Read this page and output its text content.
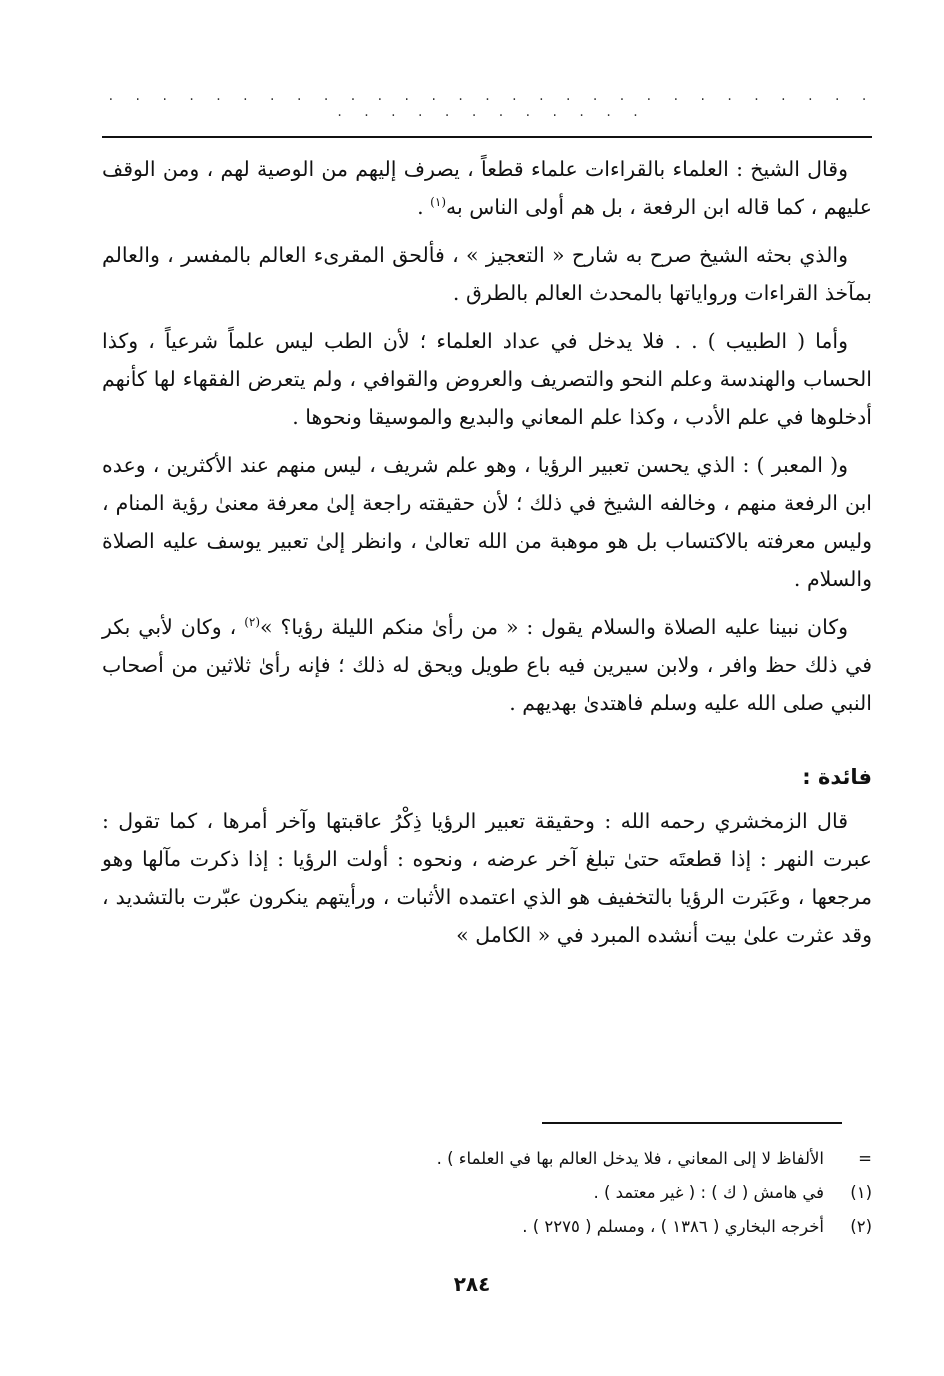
. . . . . . . . . . . . . . . . . . . . . . . . . . . . . . . . . . . . . . . . .

وقال الشيخ : العلماء بالقراءات علماء قطعاً ، يصرف إليهم من الوصية لهم ، ومن الوقف عليهم ، كما قاله ابن الرفعة ، بل هم أولى الناس به$^{(١)}$ .

والذي بحثه الشيخ صرح به شارح « التعجيز » ، فألحق المقرىء العالم بالمفسر ، والعالم بمآخذ القراءات ورواياتها بالمحدث العالم بالطرق .

وأما ( الطبيب ) . . فلا يدخل في عداد العلماء ؛ لأن الطب ليس علماً شرعياً ، وكذا الحساب والهندسة وعلم النحو والتصريف والعروض والقوافي ، ولم يتعرض الفقهاء لها كأنهم أدخلوها في علم الأدب ، وكذا علم المعاني والبديع والموسيقا ونحوها .

و( المعبر ) : الذي يحسن تعبير الرؤيا ، وهو علم شريف ، ليس منهم عند الأكثرين ، وعده ابن الرفعة منهم ، وخالفه الشيخ في ذلك ؛ لأن حقيقته راجعة إلىٰ معرفة معنىٰ رؤية المنام ، وليس معرفته بالاكتساب بل هو موهبة من الله تعالىٰ ، وانظر إلىٰ تعبير يوسف عليه الصلاة والسلام .

وكان نبينا عليه الصلاة والسلام يقول : « من رأىٰ منكم الليلة رؤيا؟ »$^{(٢)}$ ، وكان لأبي بكر في ذلك حظ وافر ، ولابن سيرين فيه باع طويل ويحق له ذلك ؛ فإنه رأىٰ ثلاثين من أصحاب النبي صلى الله عليه وسلم فاهتدىٰ بهديهم .

فائدة :

قال الزمخشري رحمه الله : وحقيقة تعبير الرؤيا ذِكْرُ عاقبتها وآخر أمرها ، كما تقول : عبرت النهر : إذا قطعتَه حتىٰ تبلغ آخر عرضه ، ونحوه : أولت الرؤيا : إذا ذكرت مآلها وهو مرجعها ، وعَبَرت الرؤيا بالتخفيف هو الذي اعتمده الأثبات ، ورأيتهم ينكرون عبّرت بالتشديد ، وقد عثرت علىٰ بيت أنشده المبرد في « الكامل »

=
الألفاظ لا إلى المعاني ، فلا يدخل العالم بها في العلماء ) .
(١)
في هامش ( ك ) : ( غير معتمد ) .
(٢)
أخرجه البخاري ( ١٣٨٦ ) ، ومسلم ( ٢٢٧٥ ) .
٢٨٤
